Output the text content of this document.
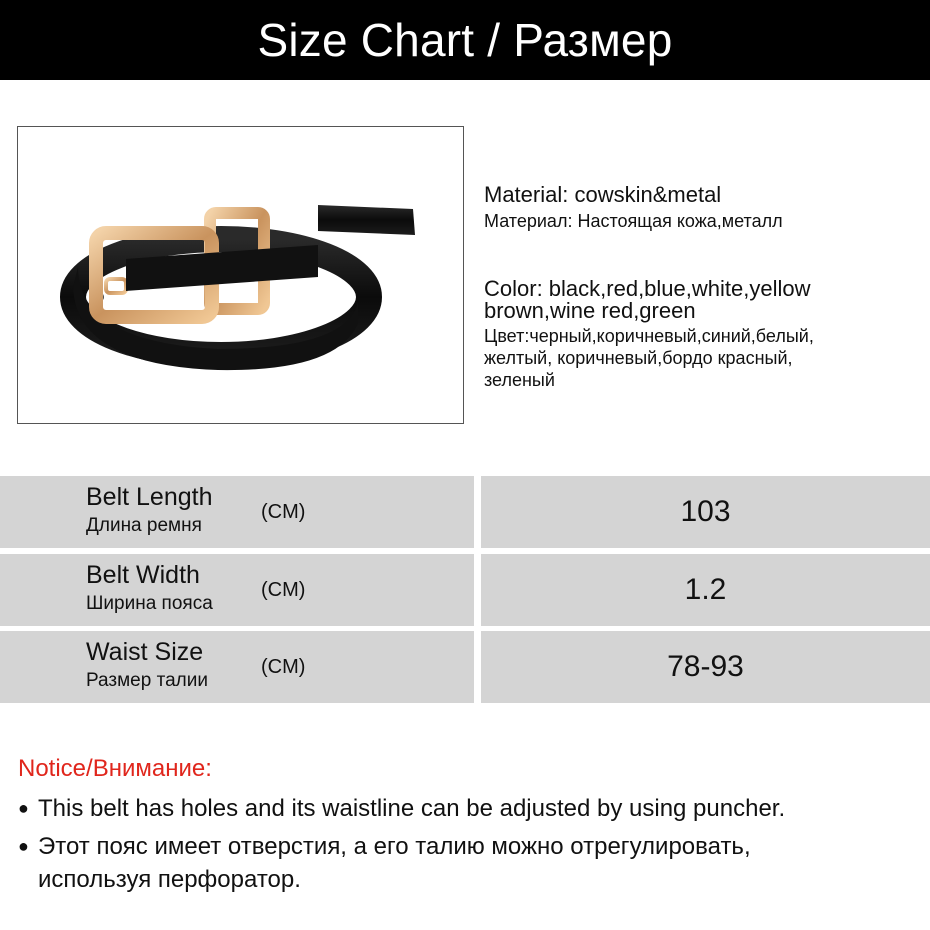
Size Chart / Размер
Material: cowskin&metal
Материал: Настоящая кожа,металл
Color: black,red,blue,white,yellow
brown,wine red,green
Цвет:черный,коричневый,синий,белый,
желтый, коричневый,бордо красный,
зеленый
Belt Length
Длина ремня
(CM)	103
Belt Width
Ширина пояса
(CM)	1.2
Waist Size
Размер талии
(CM)	78-93
Notice/Внимание:
● This belt has holes and its waistline can be adjusted by using puncher.
● Этот пояс имеет отверстия, а его талию можно отрегулировать,
используя перфоратор.
